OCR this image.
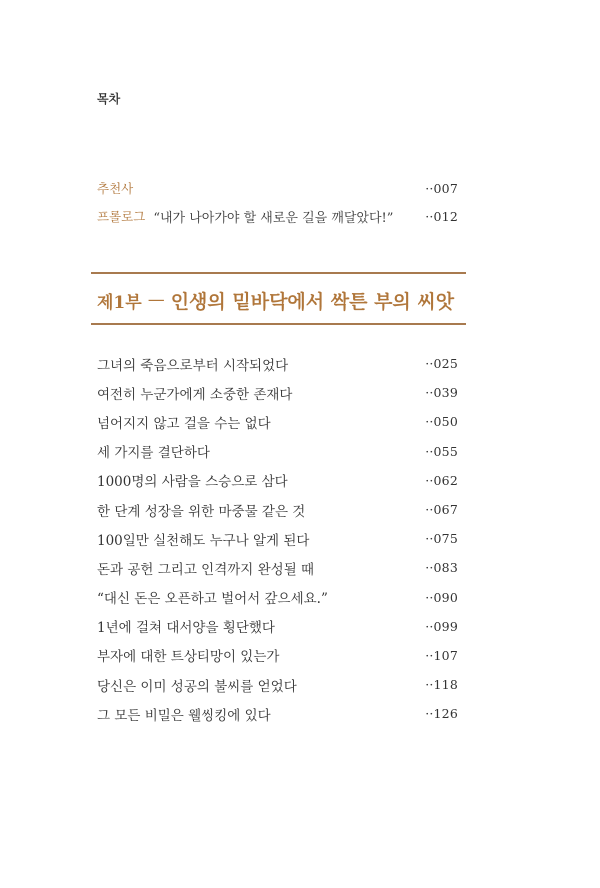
목차
추천사	··007
프롤로그 “내가 나아가야 할 새로운 길을 깨달았다!”	··012
제1부 — 인생의 밑바닥에서 싹튼 부의 씨앗
그녀의 죽음으로부터 시작되었다	··025
여전히 누군가에게 소중한 존재다	··039
넘어지지 않고 걸을 수는 없다	··050
세 가지를 결단하다	··055
1000명의 사람을 스승으로 삼다	··062
한 단계 성장을 위한 마중물 같은 것	··067
100일만 실천해도 누구나 알게 된다	··075
돈과 공헌 그리고 인격까지 완성될 때	··083
“대신 돈은 오픈하고 벌어서 갚으세요.”	··090
1년에 걸쳐 대서양을 횡단했다	··099
부자에 대한 트상티망이 있는가	··107
당신은 이미 성공의 불씨를 얻었다	··118
그 모든 비밀은 웰씽킹에 있다	··126
